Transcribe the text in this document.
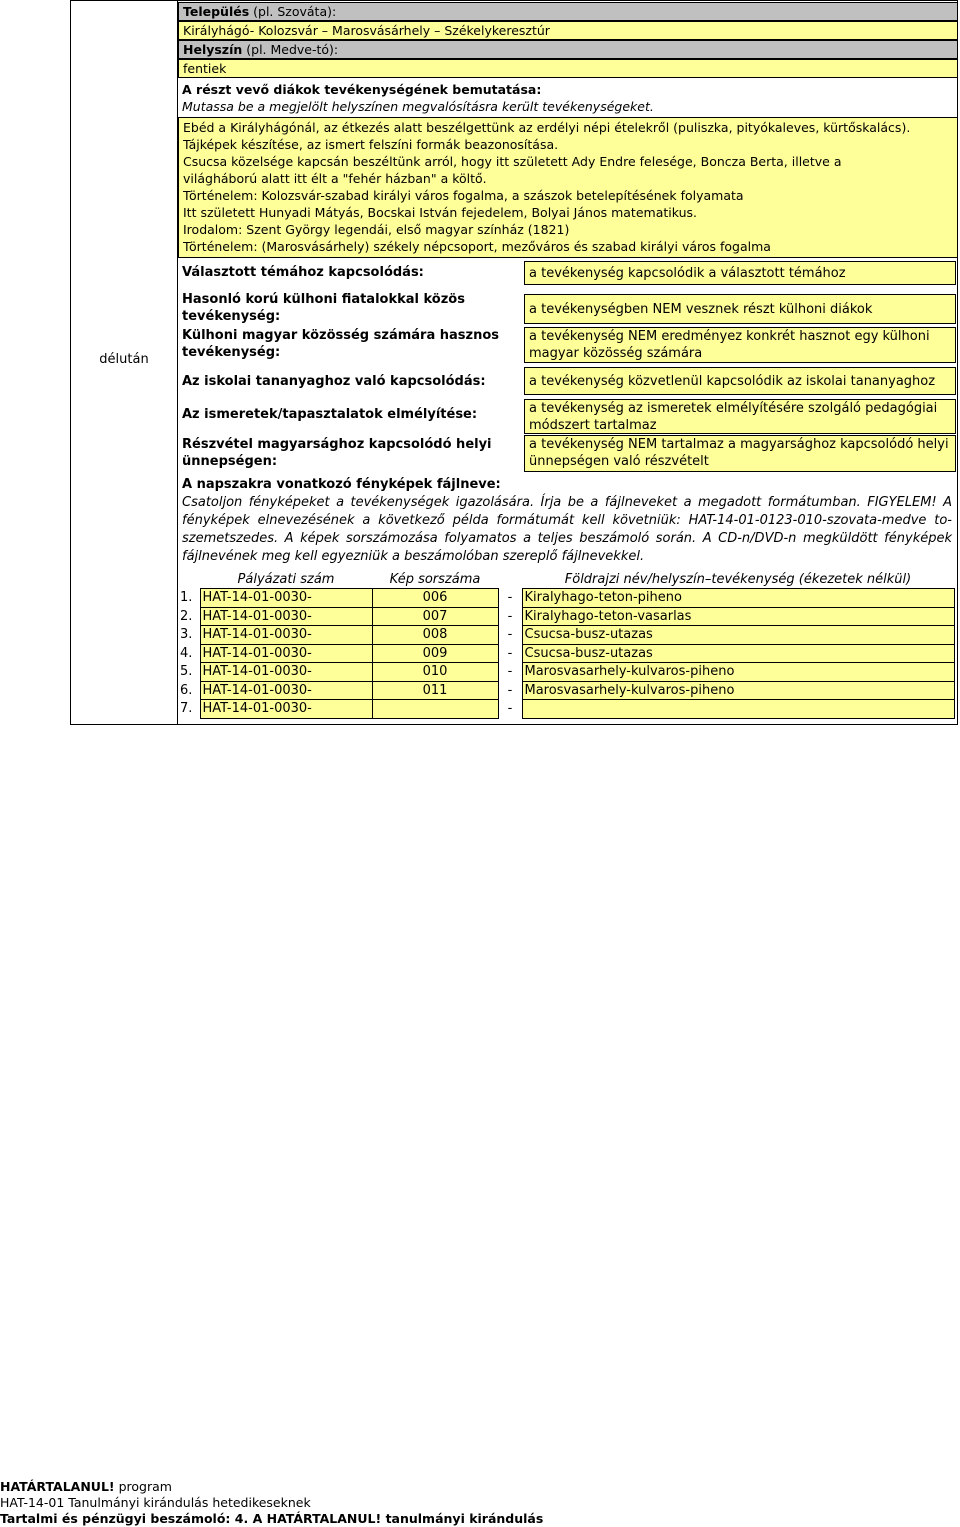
délután
Település (pl. Szováta):
Királyhágó- Kolozsvár – Marosvásárhely – Székelykeresztúr
Helyszín (pl. Medve-tó):
fentiek
A részt vevő diákok tevékenységének bemutatása:
Mutassa be a megjelölt helyszínen megvalósításra került tevékenységeket.
Ebéd a Királyhágónál, az étkezés alatt beszélgettünk az erdélyi népi ételekről (puliszka, pityókaleves, kürtőskalács).
Tájképek készítése, az ismert felszíni formák beazonosítása.
Csucsa közelsége kapcsán beszéltünk arról, hogy itt született Ady Endre felesége, Boncza Berta, illetve a
világháború alatt itt élt a "fehér házban" a költő.
Történelem: Kolozsvár-szabad királyi város fogalma, a szászok betelepítésének folyamata
Itt született Hunyadi Mátyás, Bocskai István fejedelem, Bolyai János matematikus.
Irodalom: Szent György legendái, első magyar színház (1821)
Történelem: (Marosvásárhely) székely népcsoport, mezőváros és szabad királyi város fogalma
Választott témához kapcsolódás:	a tevékenység kapcsolódik a választott témához
Hasonló korú külhoni fiatalokkal közös tevékenység:	a tevékenységben NEM vesznek részt külhoni diákok
Külhoni magyar közösség számára hasznos tevékenység:
a tevékenység NEM eredményez konkrét hasznot egy külhoni magyar közösség számára
Az iskolai tananyaghoz való kapcsolódás:	a tevékenység közvetlenül kapcsolódik az iskolai tananyaghoz
Az ismeretek/tapasztalatok elmélyítése:	a tevékenység az ismeretek elmélyítésére szolgáló pedagógiai módszert tartalmaz
Részvétel magyarsághoz kapcsolódó helyi ünnepségen:
a tevékenység NEM tartalmaz a magyarsághoz kapcsolódó helyi ünnepségen való részvételt
A napszakra vonatkozó fényképek fájlneve:
Csatoljon fényképeket a tevékenységek igazolására. Írja be a fájlneveket a megadott formátumban. FIGYELEM! A fényképek elnevezésének a következő példa formátumát kell követniük: HAT-14-01-0123-010-szovata-medve to-szemetszedes. A képek sorszámozása folyamatos a teljes beszámoló során. A CD-n/DVD-n megküldött fényképek fájlnevének meg kell egyezniük a beszámolóban szereplő fájlnevekkel.
	Pályázati szám	Kép sorszáma		Földrajzi név/helyszín–tevékenység (ékezetek nélkül)
1.	HAT-14-01-0030-	006	-	Kiralyhago-teton-piheno
2.	HAT-14-01-0030-	007	-	Kiralyhago-teton-vasarlas
3.	HAT-14-01-0030-	008	-	Csucsa-busz-utazas
4.	HAT-14-01-0030-	009	-	Csucsa-busz-utazas
5.	HAT-14-01-0030-	010	-	Marosvasarhely-kulvaros-piheno
6.	HAT-14-01-0030-	011	-	Marosvasarhely-kulvaros-piheno
7.	HAT-14-01-0030-		-	
HATÁRTALANUL! program
HAT-14-01 Tanulmányi kirándulás hetedikeseknek
Tartalmi és pénzügyi beszámoló: 4. A HATÁRTALANUL! tanulmányi kirándulás
